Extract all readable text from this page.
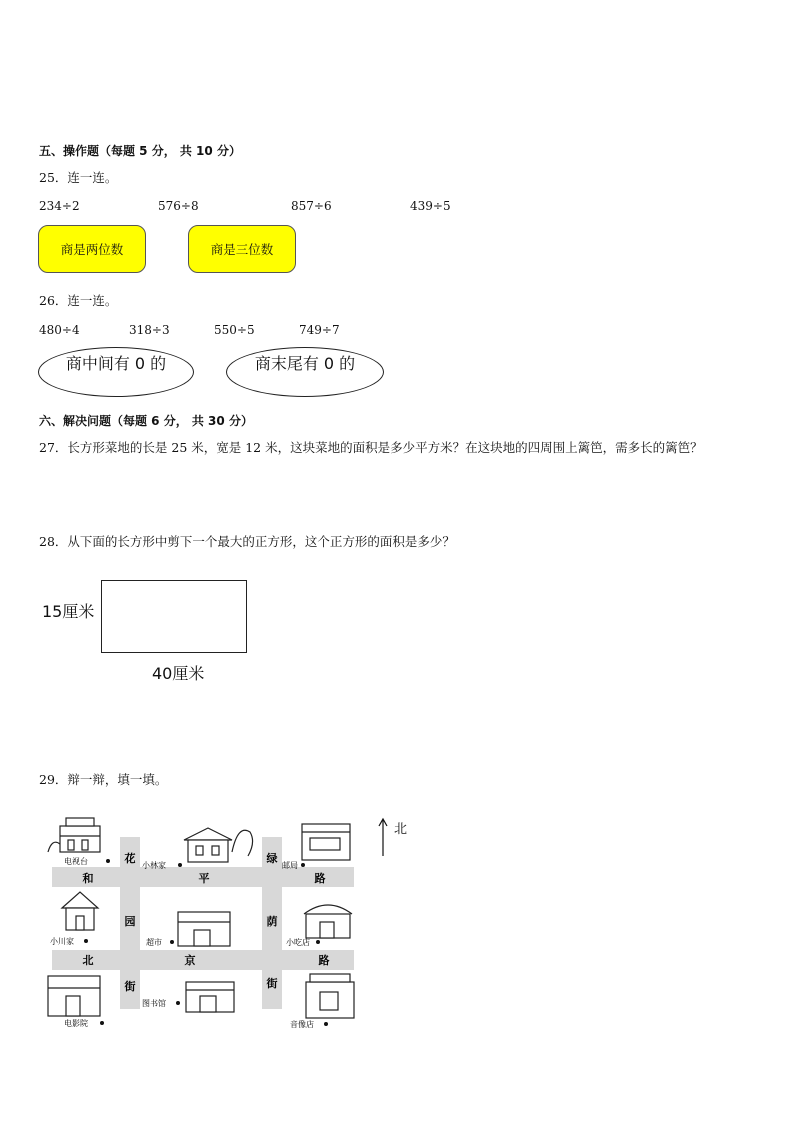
五、操作题（每题 5 分， 共 10 分）
25．连一连。
234÷2	576÷8	857÷6	439÷5
商是两位数	商是三位数
26．连一连。
480÷4	318÷3	550÷5	749÷7
商中间有 0 的	商末尾有 0 的
六、解决问题（每题 6 分， 共 30 分）
27．长方形菜地的长是 25 米，宽是 12 米，这块菜地的面积是多少平方米？在这块地的四周围上篱笆，需多长的篱笆？
28．从下面的长方形中剪下一个最大的正方形，这个正方形的面积是多少？
15厘米
40厘米
29．辩一辩，填一填。
和	平	路
北	京	路
花
园
街
绿
荫
街
电视台	小林家	邮局
小川家	超市	小吃店
电影院
图书馆
音像店
北
